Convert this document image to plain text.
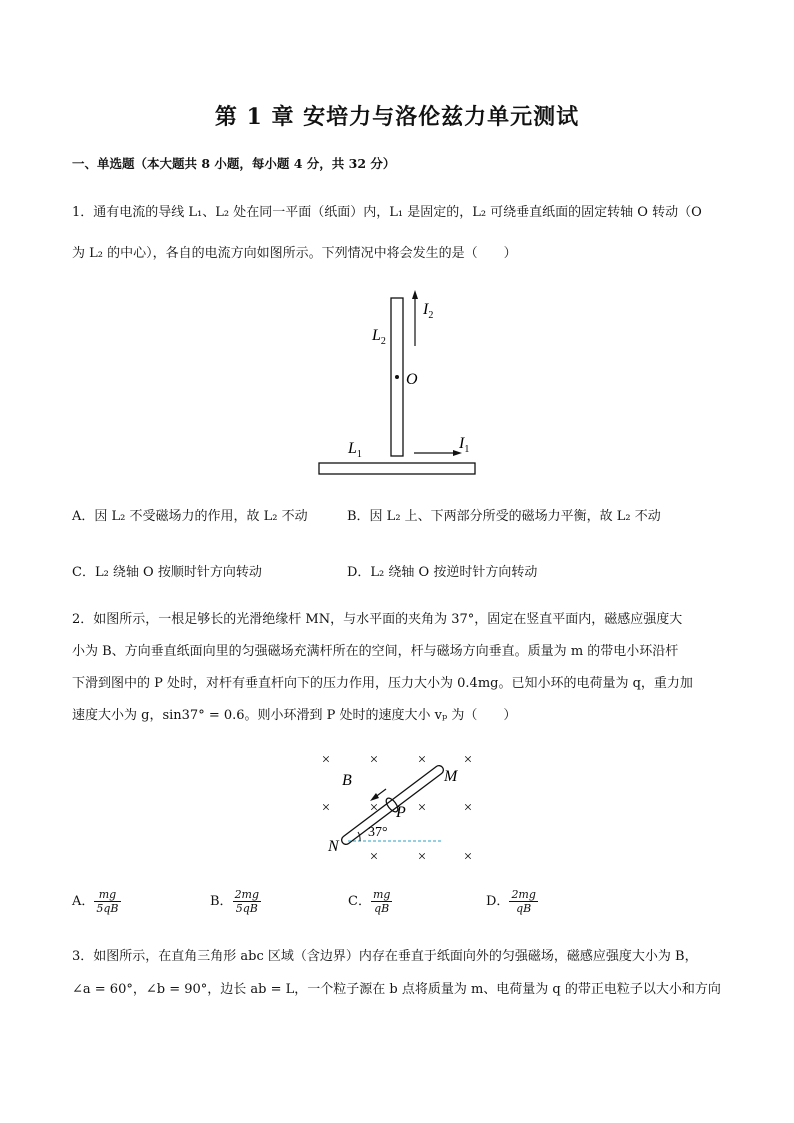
第 1 章 安培力与洛伦兹力单元测试
一、单选题（本大题共 8 小题，每小题 4 分，共 32 分）
1．通有电流的导线 L₁、L₂ 处在同一平面（纸面）内，L₁ 是固定的，L₂ 可绕垂直纸面的固定转轴 O 转动（O
为 L₂ 的中心），各自的电流方向如图所示。下列情况中将会发生的是（　　）
$L_2$
$I_2$
O
$L_1$
$I_1$
A．因 L₂ 不受磁场力的作用，故 L₂ 不动	B．因 L₂ 上、下两部分所受的磁场力平衡，故 L₂ 不动
C．L₂ 绕轴 O 按顺时针方向转动	D．L₂ 绕轴 O 按逆时针方向转动
2．如图所示，一根足够长的光滑绝缘杆 MN，与水平面的夹角为 37°，固定在竖直平面内，磁感应强度大
小为 B、方向垂直纸面向里的匀强磁场充满杆所在的空间，杆与磁场方向垂直。质量为 m 的带电小环沿杆
下滑到图中的 P 处时，对杆有垂直杆向下的压力作用，压力大小为 0.4mg。已知小环的电荷量为 q，重力加
速度大小为 g，sin37° = 0.6。则小环滑到 P 处时的速度大小 vₚ 为（　　）
×	×	×	×
×	×	×	×
×	×	×
37°
B	M
P
N
A． $\frac{mg}{5qB}$	B． $\frac{2mg}{5qB}$	C． $\frac{mg}{qB}$	D． $\frac{2mg}{qB}$
3．如图所示，在直角三角形 abc 区域（含边界）内存在垂直于纸面向外的匀强磁场，磁感应强度大小为 B，
∠a = 60°，∠b = 90°，边长 ab = L，一个粒子源在 b 点将质量为 m、电荷量为 q 的带正电粒子以大小和方向
